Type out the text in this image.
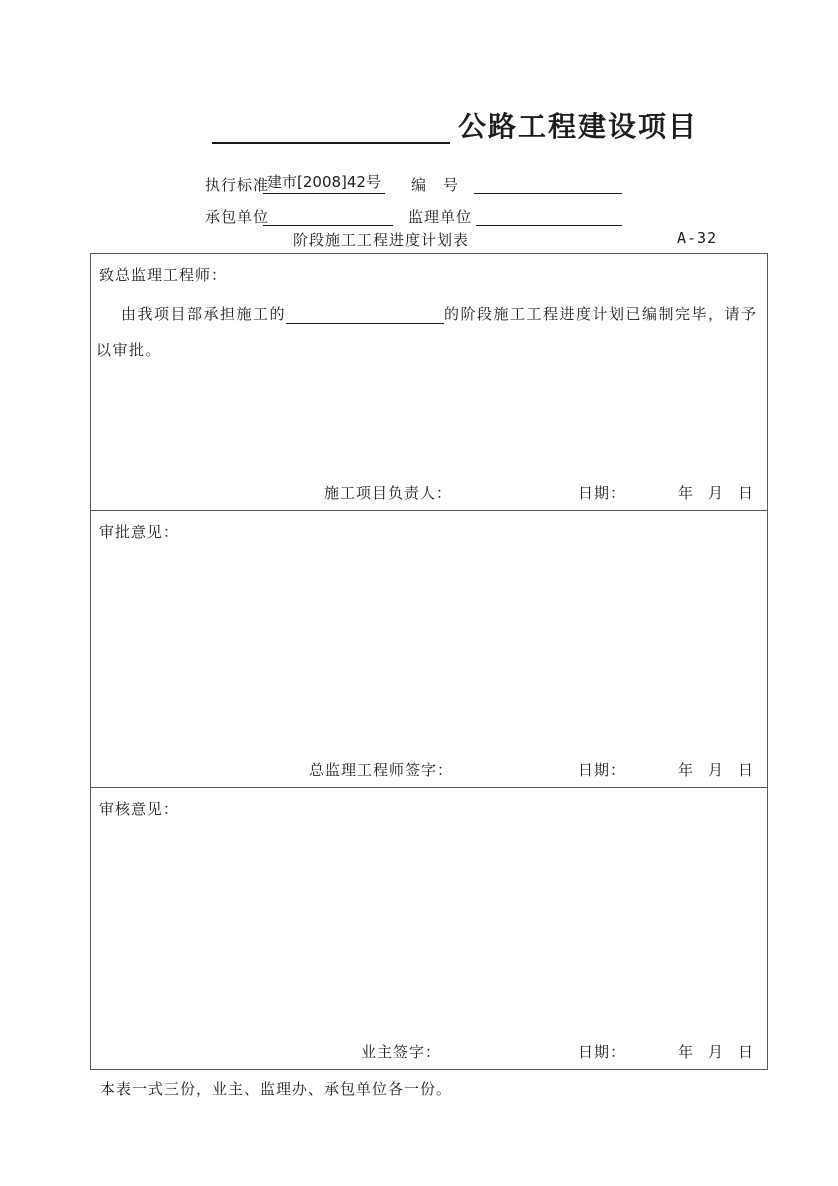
公路工程建设项目
执行标准
建市[2008]42号 编　号
承包单位	监理单位
阶段施工工程进度计划表	A-32
致总监理工程师：
由我项目部承担施工的	的阶段施工工程进度计划已编制完毕，请予
以审批。
施工项目负责人：	日期：	年　月　日
审批意见：
总监理工程师签字：	日期：	年　月　日
审核意见：
业主签字：	日期：	年　月　日
本表一式三份，业主、监理办、承包单位各一份。
